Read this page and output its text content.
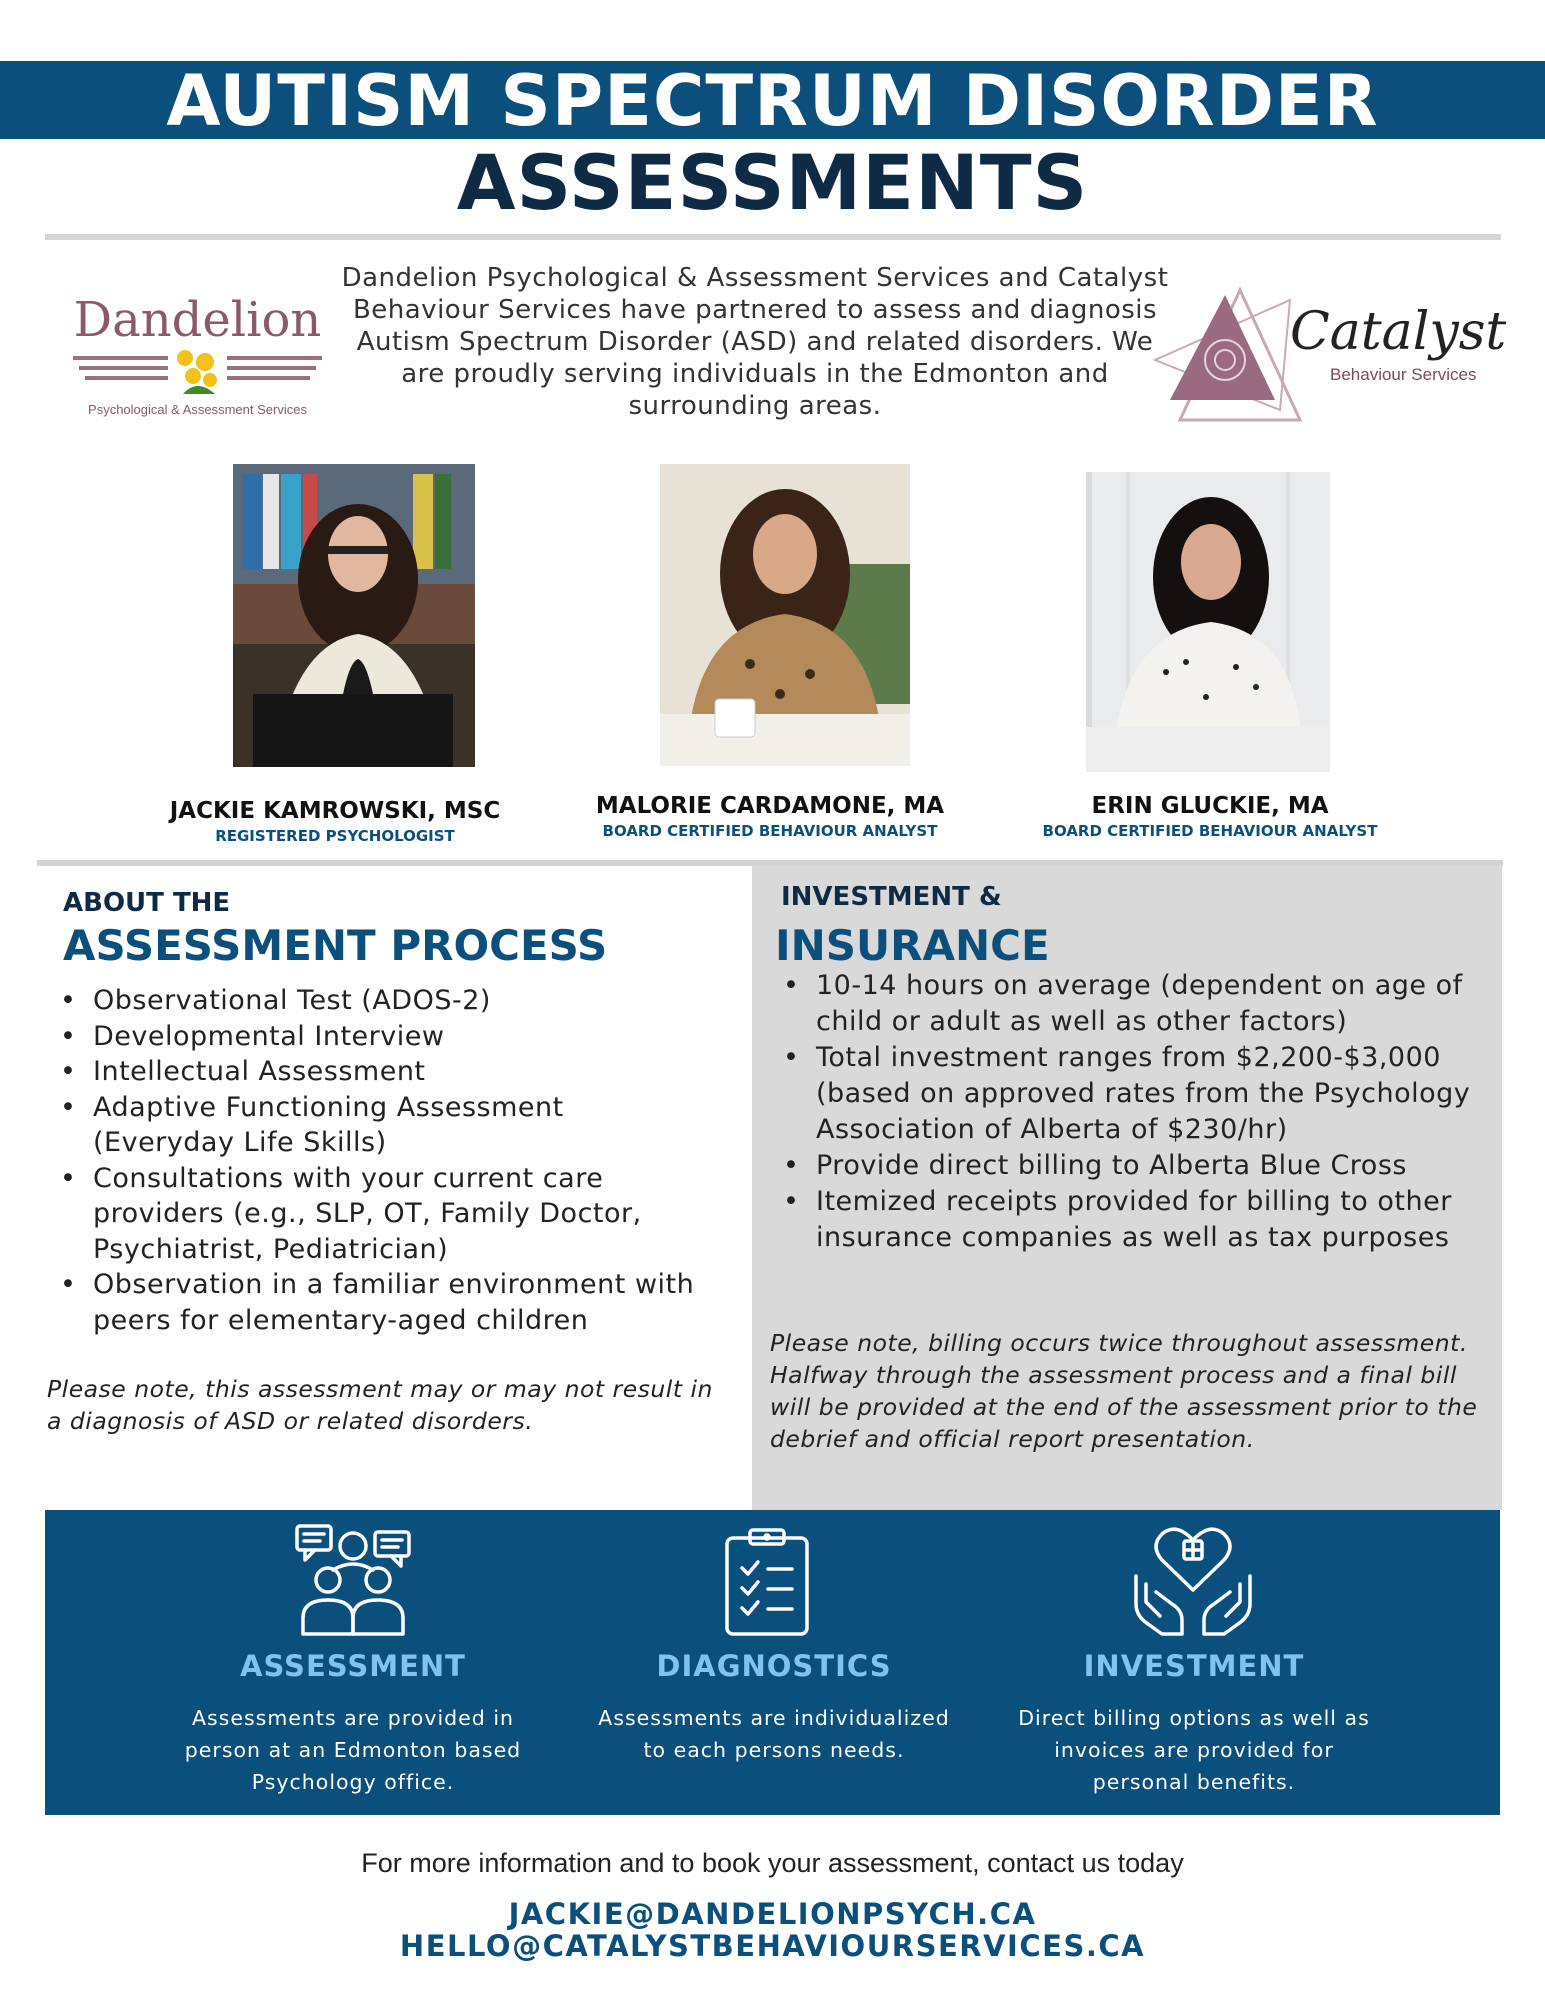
AUTISM SPECTRUM DISORDER
ASSESSMENTS
Dandelion
Psychological & Assessment Services
Dandelion Psychological & Assessment Services and Catalyst Behaviour Services have partnered to assess and diagnosis Autism Spectrum Disorder (ASD) and related disorders. We are proudly serving individuals in the Edmonton and surrounding areas.
Catalyst
Behaviour Services
JACKIE KAMROWSKI, MSC
REGISTERED PSYCHOLOGIST
MALORIE CARDAMONE, MA
BOARD CERTIFIED BEHAVIOUR ANALYST
ERIN GLUCKIE, MA
BOARD CERTIFIED BEHAVIOUR ANALYST
ABOUT THE
ASSESSMENT PROCESS
• Observational Test (ADOS-2)
• Developmental Interview
• Intellectual Assessment
• Adaptive Functioning Assessment (Everyday Life Skills)
• Consultations with your current care providers (e.g., SLP, OT, Family Doctor, Psychiatrist, Pediatrician)
• Observation in a familiar environment with peers for elementary-aged children
Please note, this assessment may or may not result in a diagnosis of ASD or related disorders.
INVESTMENT &
INSURANCE
• 10-14 hours on average (dependent on age of child or adult as well as other factors)
• Total investment ranges from $2,200-$3,000 (based on approved rates from the Psychology Association of Alberta of $230/hr)
• Provide direct billing to Alberta Blue Cross
• Itemized receipts provided for billing to other insurance companies as well as tax purposes
Please note, billing occurs twice throughout assessment. Halfway through the assessment process and a final bill will be provided at the end of the assessment prior to the debrief and official report presentation.
ASSESSMENT	DIAGNOSTICS	INVESTMENT
Assessments are provided in person at an Edmonton based Psychology office.
Assessments are individualized to each persons needs.
Direct billing options as well as invoices are provided for personal benefits.
For more information and to book your assessment, contact us today
JACKIE@DANDELIONPSYCH.CA
HELLO@CATALYSTBEHAVIOURSERVICES.CA
